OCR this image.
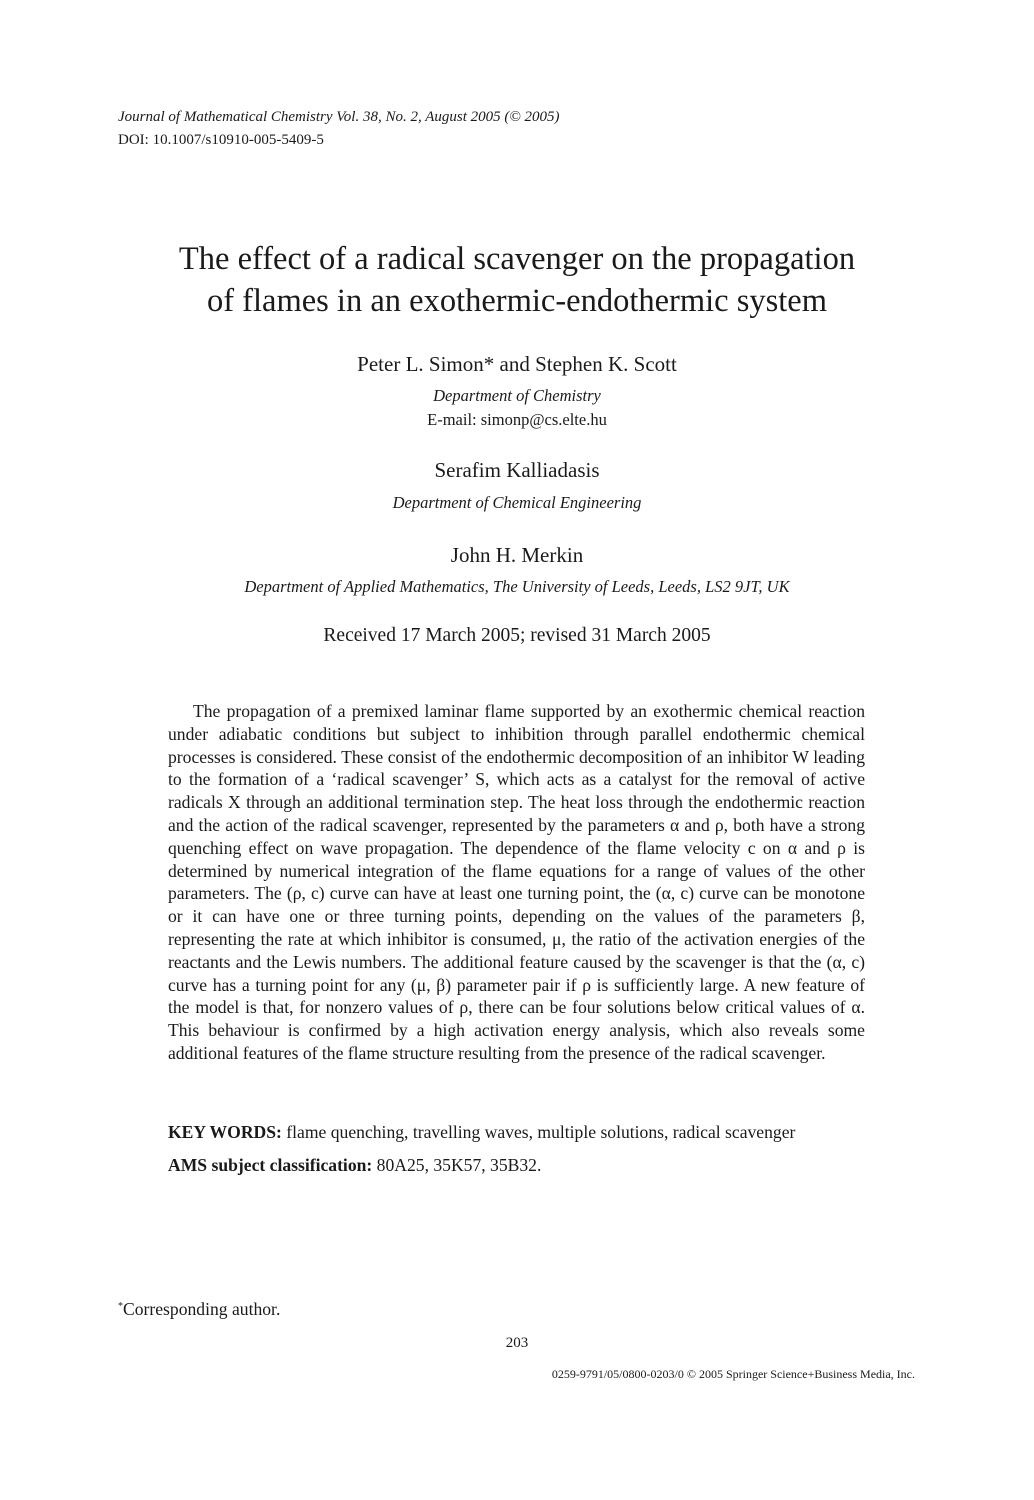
Journal of Mathematical Chemistry Vol. 38, No. 2, August 2005 (© 2005)
DOI: 10.1007/s10910-005-5409-5
The effect of a radical scavenger on the propagation
of flames in an exothermic-endothermic system
Peter L. Simon* and Stephen K. Scott
Department of Chemistry
E-mail: simonp@cs.elte.hu
Serafim Kalliadasis
Department of Chemical Engineering
John H. Merkin
Department of Applied Mathematics, The University of Leeds, Leeds, LS2 9JT, UK
Received 17 March 2005; revised 31 March 2005

The propagation of a premixed laminar flame supported by an exothermic chemical reaction under adiabatic conditions but subject to inhibition through parallel endothermic chemical processes is considered. These consist of the endothermic decomposition of an inhibitor W leading to the formation of a ‘radical scavenger’ S, which acts as a catalyst for the removal of active radicals X through an additional termination step. The heat loss through the endothermic reaction and the action of the radical scavenger, represented by the parameters α and ρ, both have a strong quenching effect on wave propagation. The dependence of the flame velocity c on α and ρ is determined by numerical integration of the flame equations for a range of values of the other parameters. The (ρ, c) curve can have at least one turning point, the (α, c) curve can be monotone or it can have one or three turning points, depending on the values of the parameters β, representing the rate at which inhibitor is consumed, μ, the ratio of the activation energies of the reactants and the Lewis numbers. The additional feature caused by the scavenger is that the (α, c) curve has a turning point for any (μ, β) parameter pair if ρ is sufficiently large. A new feature of the model is that, for nonzero values of ρ, there can be four solutions below critical values of α. This behaviour is confirmed by a high activation energy analysis, which also reveals some additional features of the flame structure resulting from the presence of the radical scavenger.

KEY WORDS: flame quenching, travelling waves, multiple solutions, radical scavenger
AMS subject classification: 80A25, 35K57, 35B32.
*Corresponding author.
203
0259-9791/05/0800-0203/0 © 2005 Springer Science+Business Media, Inc.
